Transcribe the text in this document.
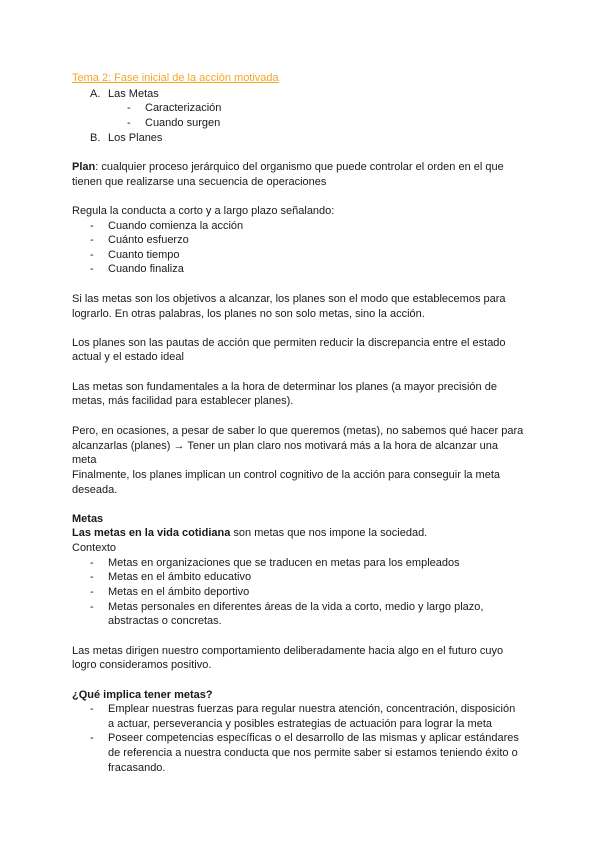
Tema 2: Fase inicial de la acción motivada
A. Las Metas
- Caracterización
- Cuando surgen
B. Los Planes
Plan: cualquier proceso jerárquico del organismo que puede controlar el orden en el que
tienen que realizarse una secuencia de operaciones
Regula la conducta a corto y a largo plazo señalando:
- Cuando comienza la acción
- Cuánto esfuerzo
- Cuanto tiempo
- Cuando finaliza
Si las metas son los objetivos a alcanzar, los planes son el modo que establecemos para
lograrlo. En otras palabras, los planes no son solo metas, sino la acción.
Los planes son las pautas de acción que permiten reducir la discrepancia entre el estado
actual y el estado ideal
Las metas son fundamentales a la hora de determinar los planes (a mayor precisión de
metas, más facilidad para establecer planes).
Pero, en ocasiones, a pesar de saber lo que queremos (metas), no sabemos qué hacer para
alcanzarlas (planes) → Tener un plan claro nos motivará más a la hora de alcanzar una
meta
Finalmente, los planes implican un control cognitivo de la acción para conseguir la meta
deseada.
Metas
Las metas en la vida cotidiana son metas que nos impone la sociedad.
Contexto
- Metas en organizaciones que se traducen en metas para los empleados
- Metas en el ámbito educativo
- Metas en el ámbito deportivo
- Metas personales en diferentes áreas de la vida a corto, medio y largo plazo,
abstractas o concretas.
Las metas dirigen nuestro comportamiento deliberadamente hacia algo en el futuro cuyo
logro consideramos positivo.
¿Qué implica tener metas?
- Emplear nuestras fuerzas para regular nuestra atención, concentración, disposición
a actuar, perseverancia y posibles estrategias de actuación para lograr la meta
- Poseer competencias específicas o el desarrollo de las mismas y aplicar estándares
de referencia a nuestra conducta que nos permite saber si estamos teniendo éxito o
fracasando.
